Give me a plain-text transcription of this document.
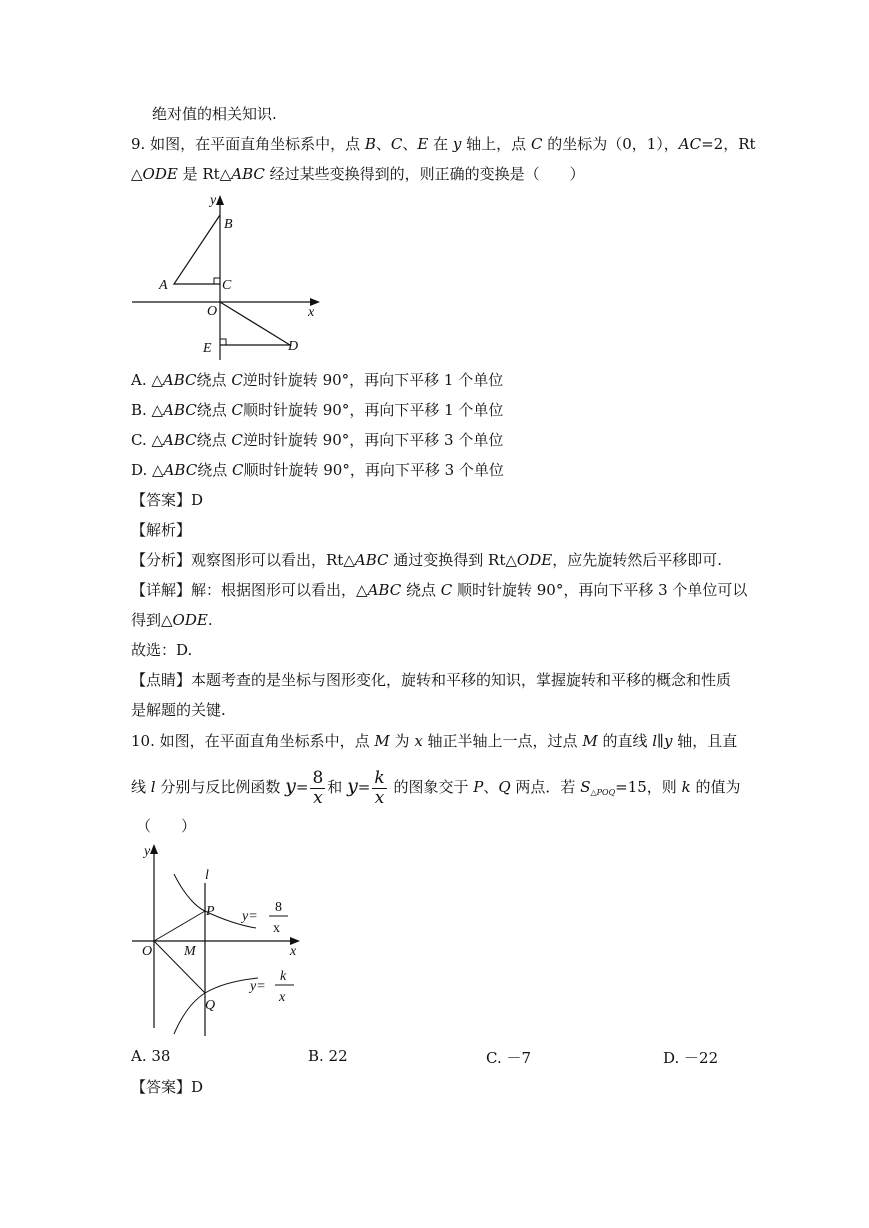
绝对值的相关知识.
9. 如图，在平面直角坐标系中，点 B、C、E 在 y 轴上，点 C 的坐标为（0，1），AC=2，Rt
△ODE 是 Rt△ABC 经过某些变换得到的，则正确的变换是（　　）
y
B
A	C
O	x
E	D
A. △ABC绕点 C逆时针旋转 90°，再向下平移 1 个单位
B. △ABC绕点 C顺时针旋转 90°，再向下平移 1 个单位
C. △ABC绕点 C逆时针旋转 90°，再向下平移 3 个单位
D. △ABC绕点 C顺时针旋转 90°，再向下平移 3 个单位
【答案】D
【解析】
【分析】观察图形可以看出，Rt△ABC 通过变换得到 Rt△ODE，应先旋转然后平移即可.
【详解】解：根据图形可以看出，△ABC 绕点 C 顺时针旋转 90°，再向下平移 3 个单位可以
得到△ODE.
故选：D.
【点睛】本题考查的是坐标与图形变化，旋转和平移的知识，掌握旋转和平移的概念和性质
是解题的关键.
10. 如图，在平面直角坐标系中，点 M 为 x 轴正半轴上一点，过点 M 的直线 l∥y 轴，且直
线 l 分别与反比例函数 $y= \frac{8}{x}$ 和 $y= \frac{k}{x}$ 的图象交于 P、Q 两点．若 $S_{\triangle POQ}=15$，则 k 的值为
（　　）
y
l
P
O M	x
Q
y=
8
x
y=
k
x
A. 38	B. 22	C. －7	D. －22
【答案】D
